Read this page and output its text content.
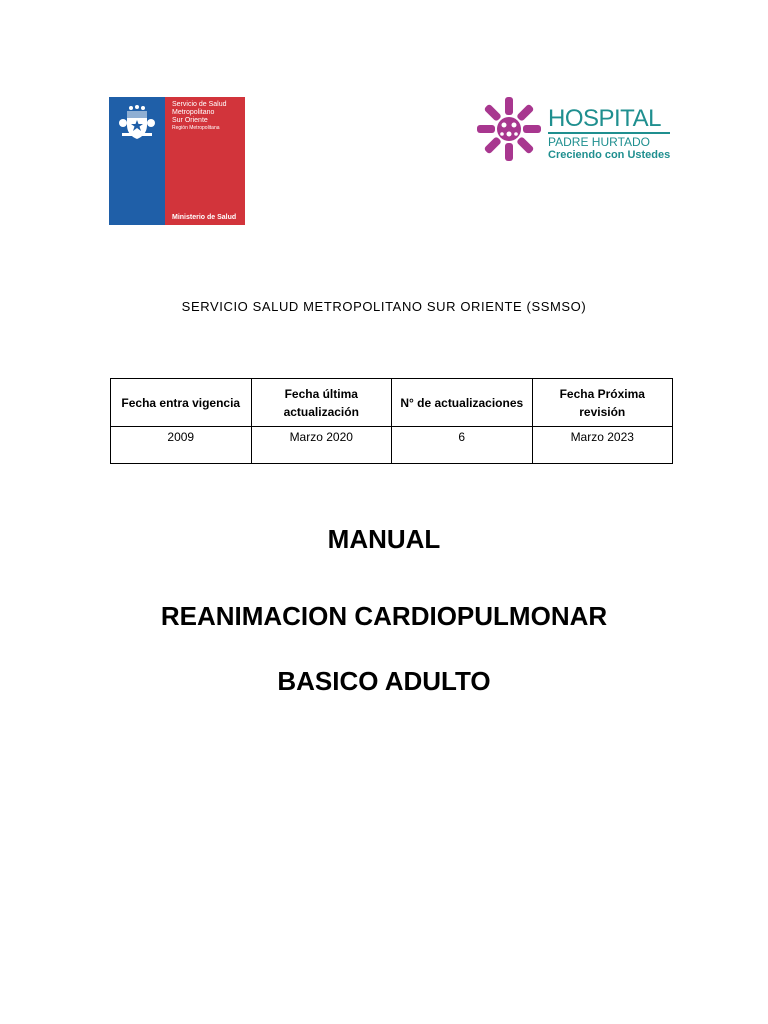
Servicio de Salud
Metropolitano
Sur Oriente
Región Metropolitana
Ministerio de Salud
HOSPITAL
PADRE HURTADO
Creciendo con Ustedes
SERVICIO SALUD METROPOLITANO SUR ORIENTE (SSMSO)
Fecha entra vigencia	Fecha última actualización	N° de actualizaciones	Fecha Próxima revisión
2009	Marzo 2020	6	Marzo 2023
MANUAL
REANIMACION CARDIOPULMONAR
BASICO ADULTO
